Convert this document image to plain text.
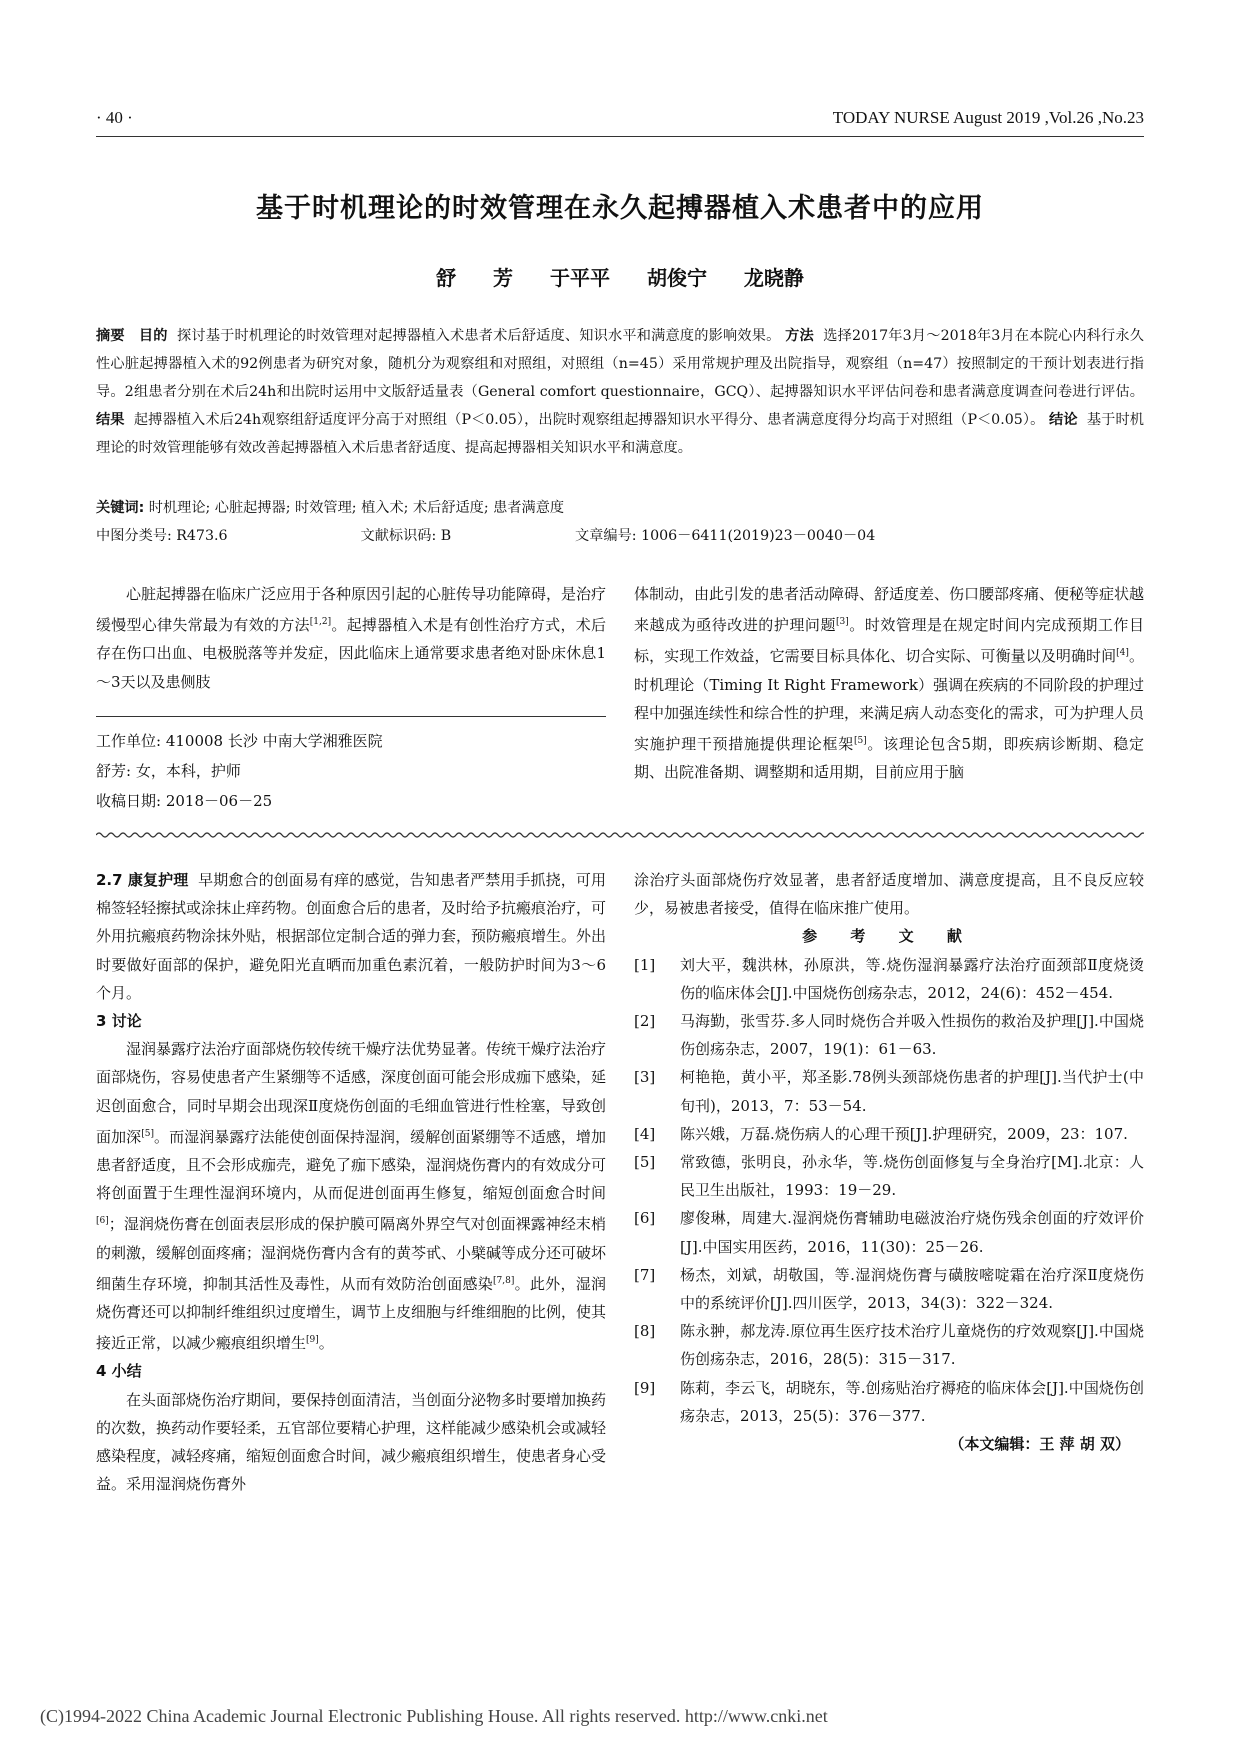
· 40 ·	TODAY NURSE August 2019 ,Vol.26 ,No.23
基于时机理论的时效管理在永久起搏器植入术患者中的应用
舒 芳 于平平 胡俊宁 龙晓静
摘要 目的 探讨基于时机理论的时效管理对起搏器植入术患者术后舒适度、知识水平和满意度的影响效果。 方法 选择2017年3月～2018年3月在本院心内科行永久性心脏起搏器植入术的92例患者为研究对象，随机分为观察组和对照组，对照组（n=45）采用常规护理及出院指导，观察组（n=47）按照制定的干预计划表进行指导。2组患者分别在术后24h和出院时运用中文版舒适量表（General comfort questionnaire，GCQ）、起搏器知识水平评估问卷和患者满意度调查问卷进行评估。 结果 起搏器植入术后24h观察组舒适度评分高于对照组（P＜0.05），出院时观察组起搏器知识水平得分、患者满意度得分均高于对照组（P＜0.05）。 结论 基于时机理论的时效管理能够有效改善起搏器植入术后患者舒适度、提高起搏器相关知识水平和满意度。
关键词: 时机理论; 心脏起搏器; 时效管理; 植入术; 术后舒适度; 患者满意度
中图分类号: R473.6	文献标识码: B	文章编号: 1006－6411(2019)23－0040－04

心脏起搏器在临床广泛应用于各种原因引起的心脏传导功能障碍，是治疗缓慢型心律失常最为有效的方法[1,2]。起搏器植入术是有创性治疗方式，术后存在伤口出血、电极脱落等并发症，因此临床上通常要求患者绝对卧床休息1～3天以及患侧肢

工作单位: 410008 长沙 中南大学湘雅医院
舒芳: 女，本科，护师
收稿日期: 2018－06－25

体制动，由此引发的患者活动障碍、舒适度差、伤口腰部疼痛、便秘等症状越来越成为亟待改进的护理问题[3]。时效管理是在规定时间内完成预期工作目标，实现工作效益，它需要目标具体化、切合实际、可衡量以及明确时间[4]。时机理论（Timing It Right Framework）强调在疾病的不同阶段的护理过程中加强连续性和综合性的护理，来满足病人动态变化的需求，可为护理人员实施护理干预措施提供理论框架[5]。该理论包含5期，即疾病诊断期、稳定期、出院准备期、调整期和适用期，目前应用于脑

2.7 康复护理 早期愈合的创面易有痒的感觉，告知患者严禁用手抓挠，可用棉签轻轻擦拭或涂抹止痒药物。创面愈合后的患者，及时给予抗瘢痕治疗，可外用抗瘢痕药物涂抹外贴，根据部位定制合适的弹力套，预防瘢痕增生。外出时要做好面部的保护，避免阳光直晒而加重色素沉着，一般防护时间为3～6个月。

3 讨论

湿润暴露疗法治疗面部烧伤较传统干燥疗法优势显著。传统干燥疗法治疗面部烧伤，容易使患者产生紧绷等不适感，深度创面可能会形成痂下感染，延迟创面愈合，同时早期会出现深Ⅱ度烧伤创面的毛细血管进行性栓塞，导致创面加深[5]。而湿润暴露疗法能使创面保持湿润，缓解创面紧绷等不适感，增加患者舒适度，且不会形成痂壳，避免了痂下感染，湿润烧伤膏内的有效成分可将创面置于生理性湿润环境内，从而促进创面再生修复，缩短创面愈合时间[6]；湿润烧伤膏在创面表层形成的保护膜可隔离外界空气对创面裸露神经末梢的刺激，缓解创面疼痛；湿润烧伤膏内含有的黄芩甙、小檗碱等成分还可破坏细菌生存环境，抑制其活性及毒性，从而有效防治创面感染[7,8]。此外，湿润烧伤膏还可以抑制纤维组织过度增生，调节上皮细胞与纤维细胞的比例，使其接近正常，以减少瘢痕组织增生[9]。

4 小结

在头面部烧伤治疗期间，要保持创面清洁，当创面分泌物多时要增加换药的次数，换药动作要轻柔，五官部位要精心护理，这样能减少感染机会或减轻感染程度，减轻疼痛，缩短创面愈合时间，减少瘢痕组织增生，使患者身心受益。采用湿润烧伤膏外

涂治疗头面部烧伤疗效显著，患者舒适度增加、满意度提高，且不良反应较少，易被患者接受，值得在临床推广使用。

参 考 文 献

[1]	刘大平，魏洪林，孙原洪，等.烧伤湿润暴露疗法治疗面颈部Ⅱ度烧烫伤的临床体会[J].中国烧伤创疡杂志，2012，24(6)：452－454.
[2]	马海勤，张雪芬.多人同时烧伤合并吸入性损伤的救治及护理[J].中国烧伤创疡杂志，2007，19(1)：61－63.
[3]	柯艳艳，黄小平，郑圣影.78例头颈部烧伤患者的护理[J].当代护士(中旬刊)，2013，7：53－54.
[4]	陈兴娥，万磊.烧伤病人的心理干预[J].护理研究，2009，23：107.
[5]	常致德，张明良，孙永华，等.烧伤创面修复与全身治疗[M].北京：人民卫生出版社，1993：19－29.
[6]	廖俊琳，周建大.湿润烧伤膏辅助电磁波治疗烧伤残余创面的疗效评价[J].中国实用医药，2016，11(30)：25－26.
[7]	杨杰，刘斌，胡敬国，等.湿润烧伤膏与磺胺嘧啶霜在治疗深Ⅱ度烧伤中的系统评价[J].四川医学，2013，34(3)：322－324.
[8]	陈永翀，郝龙涛.原位再生医疗技术治疗儿童烧伤的疗效观察[J].中国烧伤创疡杂志，2016，28(5)：315－317.
[9]	陈莉，李云飞，胡晓东，等.创疡贴治疗褥疮的临床体会[J].中国烧伤创疡杂志，2013，25(5)：376－377.
（本文编辑：王 萍 胡 双）
(C)1994-2022 China Academic Journal Electronic Publishing House. All rights reserved. http://www.cnki.net
